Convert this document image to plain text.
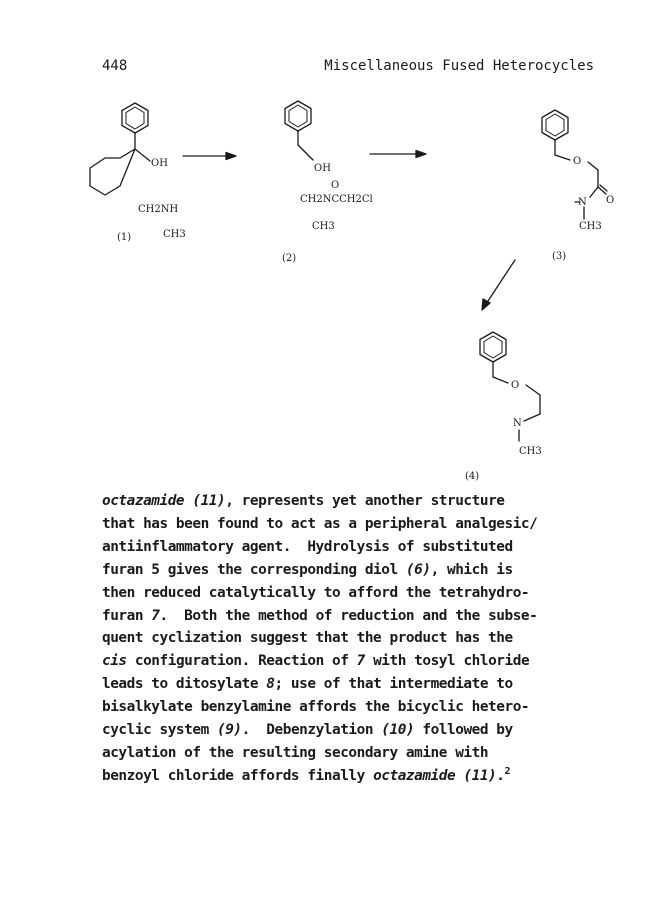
448	Miscellaneous Fused Heterocycles
OH
CH2NH
CH3
(1)
OH
O
CH2NCCH2Cl
CH3
(2)
O
N O
CH3
(3)
O
N
CH3
(4)
octazamide (11), represents yet another structure
that has been found to act as a peripheral analgesic/
antiinflammatory agent.  Hydrolysis of substituted
furan 5 gives the corresponding diol (6), which is
then reduced catalytically to afford the tetrahydro-
furan 7.  Both the method of reduction and the subse-
quent cyclization suggest that the product has the
cis configuration. Reaction of 7 with tosyl chloride
leads to ditosylate 8; use of that intermediate to
bisalkylate benzylamine affords the bicyclic hetero-
cyclic system (9).  Debenzylation (10) followed by
acylation of the resulting secondary amine with
benzoyl chloride affords finally octazamide (11).$^2$
